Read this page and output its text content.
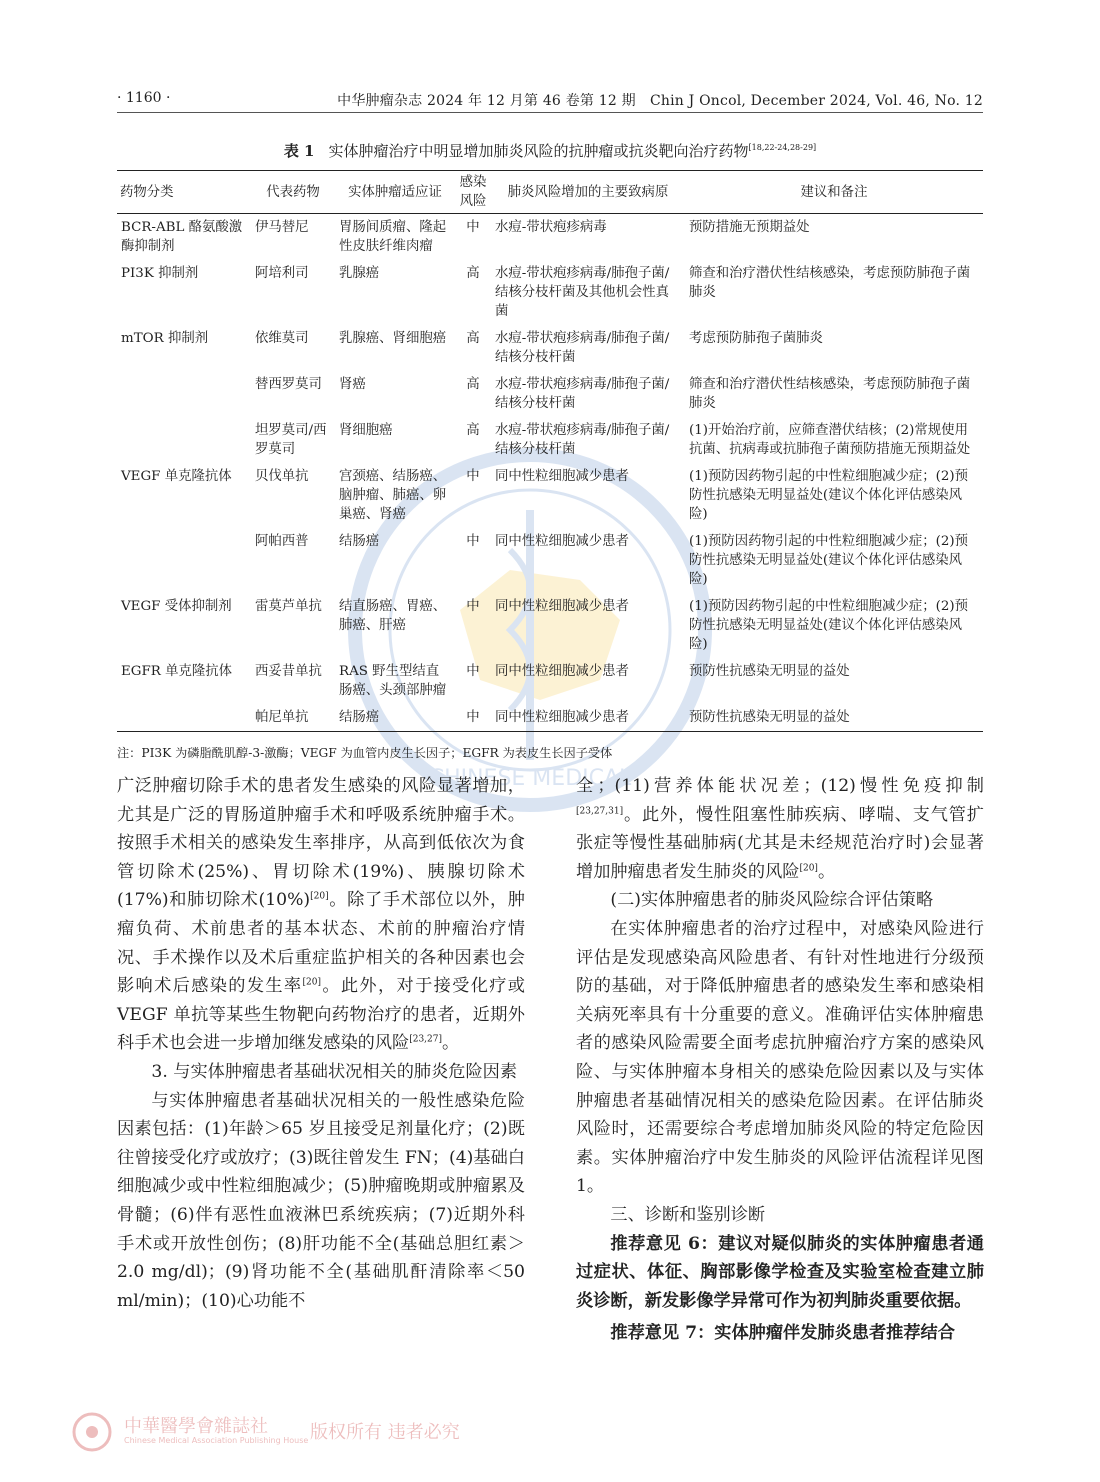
CHINESE MEDICAL
· 1160 ·	中华肿瘤杂志 2024 年 12 月第 46 卷第 12 期　Chin J Oncol, December 2024, Vol. 46, No. 12
表 1 实体肿瘤治疗中明显增加肺炎风险的抗肿瘤或抗炎靶向治疗药物[18,22-24,28-29]
药物分类	代表药物	实体肿瘤适应证	感染风险	肺炎风险增加的主要致病原	建议和备注
BCR-ABL 酪氨酸激酶抑制剂	伊马替尼	胃肠间质瘤、隆起性皮肤纤维肉瘤	中	水痘-带状疱疹病毒	预防措施无预期益处
PI3K 抑制剂	阿培利司	乳腺癌	高	水痘-带状疱疹病毒/肺孢子菌/结核分枝杆菌及其他机会性真菌	筛查和治疗潜伏性结核感染，考虑预防肺孢子菌肺炎
mTOR 抑制剂	依维莫司	乳腺癌、肾细胞癌	高	水痘-带状疱疹病毒/肺孢子菌/结核分枝杆菌	考虑预防肺孢子菌肺炎
	替西罗莫司	肾癌	高	水痘-带状疱疹病毒/肺孢子菌/结核分枝杆菌	筛查和治疗潜伏性结核感染，考虑预防肺孢子菌肺炎
	坦罗莫司/西罗莫司	肾细胞癌	高	水痘-带状疱疹病毒/肺孢子菌/结核分枝杆菌	(1)开始治疗前，应筛查潜伏结核；(2)常规使用抗菌、抗病毒或抗肺孢子菌预防措施无预期益处
VEGF 单克隆抗体	贝伐单抗	宫颈癌、结肠癌、脑肿瘤、肺癌、卵巢癌、肾癌	中	同中性粒细胞减少患者	(1)预防因药物引起的中性粒细胞减少症；(2)预防性抗感染无明显益处(建议个体化评估感染风险)
	阿帕西普	结肠癌	中	同中性粒细胞减少患者	(1)预防因药物引起的中性粒细胞减少症；(2)预防性抗感染无明显益处(建议个体化评估感染风险)
VEGF 受体抑制剂	雷莫芦单抗	结直肠癌、胃癌、肺癌、肝癌	中	同中性粒细胞减少患者	(1)预防因药物引起的中性粒细胞减少症；(2)预防性抗感染无明显益处(建议个体化评估感染风险)
EGFR 单克隆抗体	西妥昔单抗	RAS 野生型结直肠癌、头颈部肿瘤	中	同中性粒细胞减少患者	预防性抗感染无明显的益处
	帕尼单抗	结肠癌	中	同中性粒细胞减少患者	预防性抗感染无明显的益处
注：PI3K 为磷脂酰肌醇-3-激酶；VEGF 为血管内皮生长因子；EGFR 为表皮生长因子受体

广泛肿瘤切除手术的患者发生感染的风险显著增加，尤其是广泛的胃肠道肿瘤手术和呼吸系统肿瘤手术。按照手术相关的感染发生率排序，从高到低依次为食管切除术(25%)、胃切除术(19%)、胰腺切除术(17%)和肺切除术(10%)[20]。除了手术部位以外，肿瘤负荷、术前患者的基本状态、术前的肿瘤治疗情况、手术操作以及术后重症监护相关的各种因素也会影响术后感染的发生率[20]。此外，对于接受化疗或 VEGF 单抗等某些生物靶向药物治疗的患者，近期外科手术也会进一步增加继发感染的风险[23,27]。

3. 与实体肿瘤患者基础状况相关的肺炎危险因素

与实体肿瘤患者基础状况相关的一般性感染危险因素包括：(1)年龄＞65 岁且接受足剂量化疗；(2)既往曾接受化疗或放疗；(3)既往曾发生 FN；(4)基础白细胞减少或中性粒细胞减少；(5)肿瘤晚期或肿瘤累及骨髓；(6)伴有恶性血液淋巴系统疾病；(7)近期外科手术或开放性创伤；(8)肝功能不全(基础总胆红素＞2.0 mg/dl)；(9)肾功能不全(基础肌酐清除率＜50 ml/min)；(10)心功能不

全；(11)营养体能状况差；(12)慢性免疫抑制[23,27,31]。此外，慢性阻塞性肺疾病、哮喘、支气管扩张症等慢性基础肺病(尤其是未经规范治疗时)会显著增加肿瘤患者发生肺炎的风险[20]。

(二)实体肿瘤患者的肺炎风险综合评估策略

在实体肿瘤患者的治疗过程中，对感染风险进行评估是发现感染高风险患者、有针对性地进行分级预防的基础，对于降低肿瘤患者的感染发生率和感染相关病死率具有十分重要的意义。准确评估实体肿瘤患者的感染风险需要全面考虑抗肿瘤治疗方案的感染风险、与实体肿瘤本身相关的感染危险因素以及与实体肿瘤患者基础情况相关的感染危险因素。在评估肺炎风险时，还需要综合考虑增加肺炎风险的特定危险因素。实体肿瘤治疗中发生肺炎的风险评估流程详见图 1。

三、诊断和鉴别诊断

推荐意见 6：建议对疑似肺炎的实体肿瘤患者通过症状、体征、胸部影像学检查及实验室检查建立肺炎诊断，新发影像学异常可作为初判肺炎重要依据。

推荐意见 7：实体肿瘤伴发肺炎患者推荐结合

中華醫學會雜誌社
Chinese Medical Association Publishing House 版权所有 违者必究
